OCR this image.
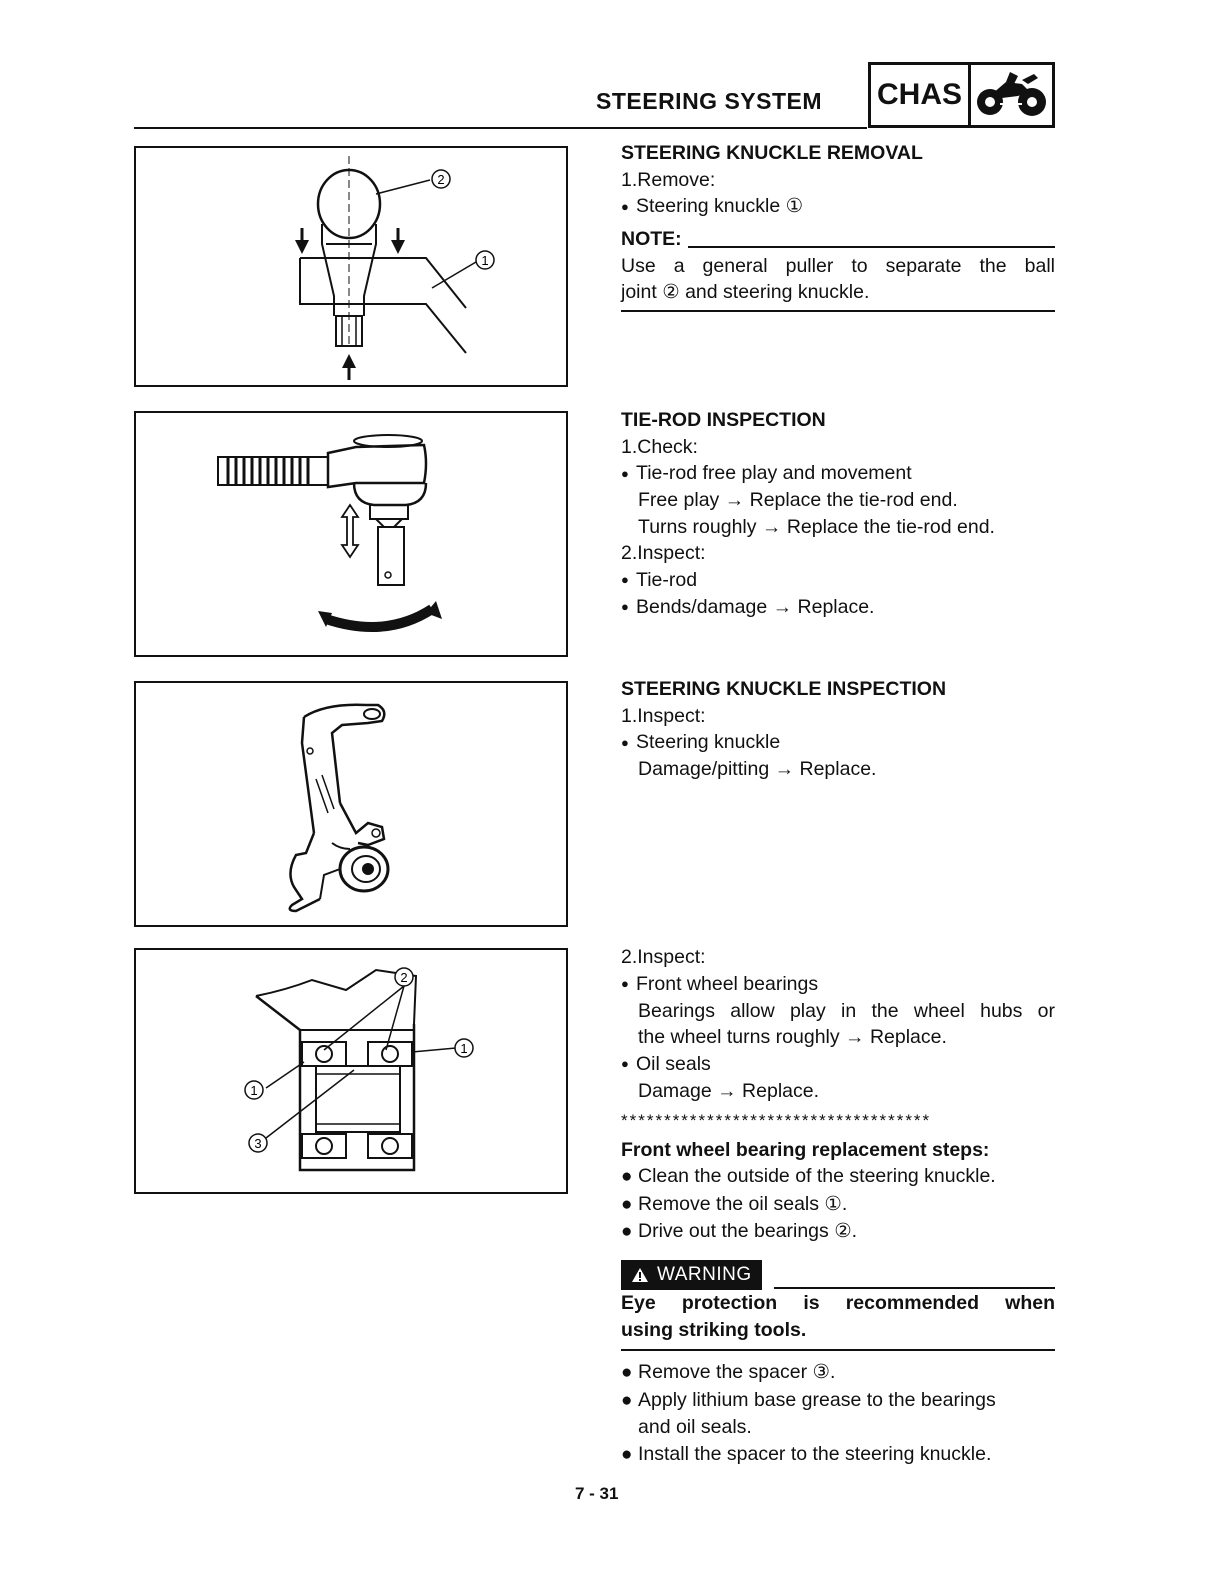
STEERING SYSTEM CHAS
2
1
2
1
1
3
STEERING KNUCKLE REMOVAL
1.Remove:
● Steering knuckle ①
NOTE:
Use a general puller to separate the ball
joint ② and steering knuckle.
TIE-ROD INSPECTION
1.Check:
● Tie-rod free play and movement
Free play → Replace the tie-rod end.
Turns roughly → Replace the tie-rod end.
2.Inspect:
● Tie-rod
● Bends/damage → Replace.
STEERING KNUCKLE INSPECTION
1.Inspect:
● Steering knuckle
Damage/pitting → Replace.
2.Inspect:
● Front wheel bearings
Bearings allow play in the wheel hubs or
the wheel turns roughly → Replace.
● Oil seals
Damage → Replace.
************************************
Front wheel bearing replacement steps:
● Clean the outside of the steering knuckle.
● Remove the oil seals ①.
● Drive out the bearings ②.
WARNING
Eye protection is recommended when
using striking tools.
● Remove the spacer ③.
● Apply lithium base grease to the bearings
and oil seals.
● Install the spacer to the steering knuckle.
7 - 31
